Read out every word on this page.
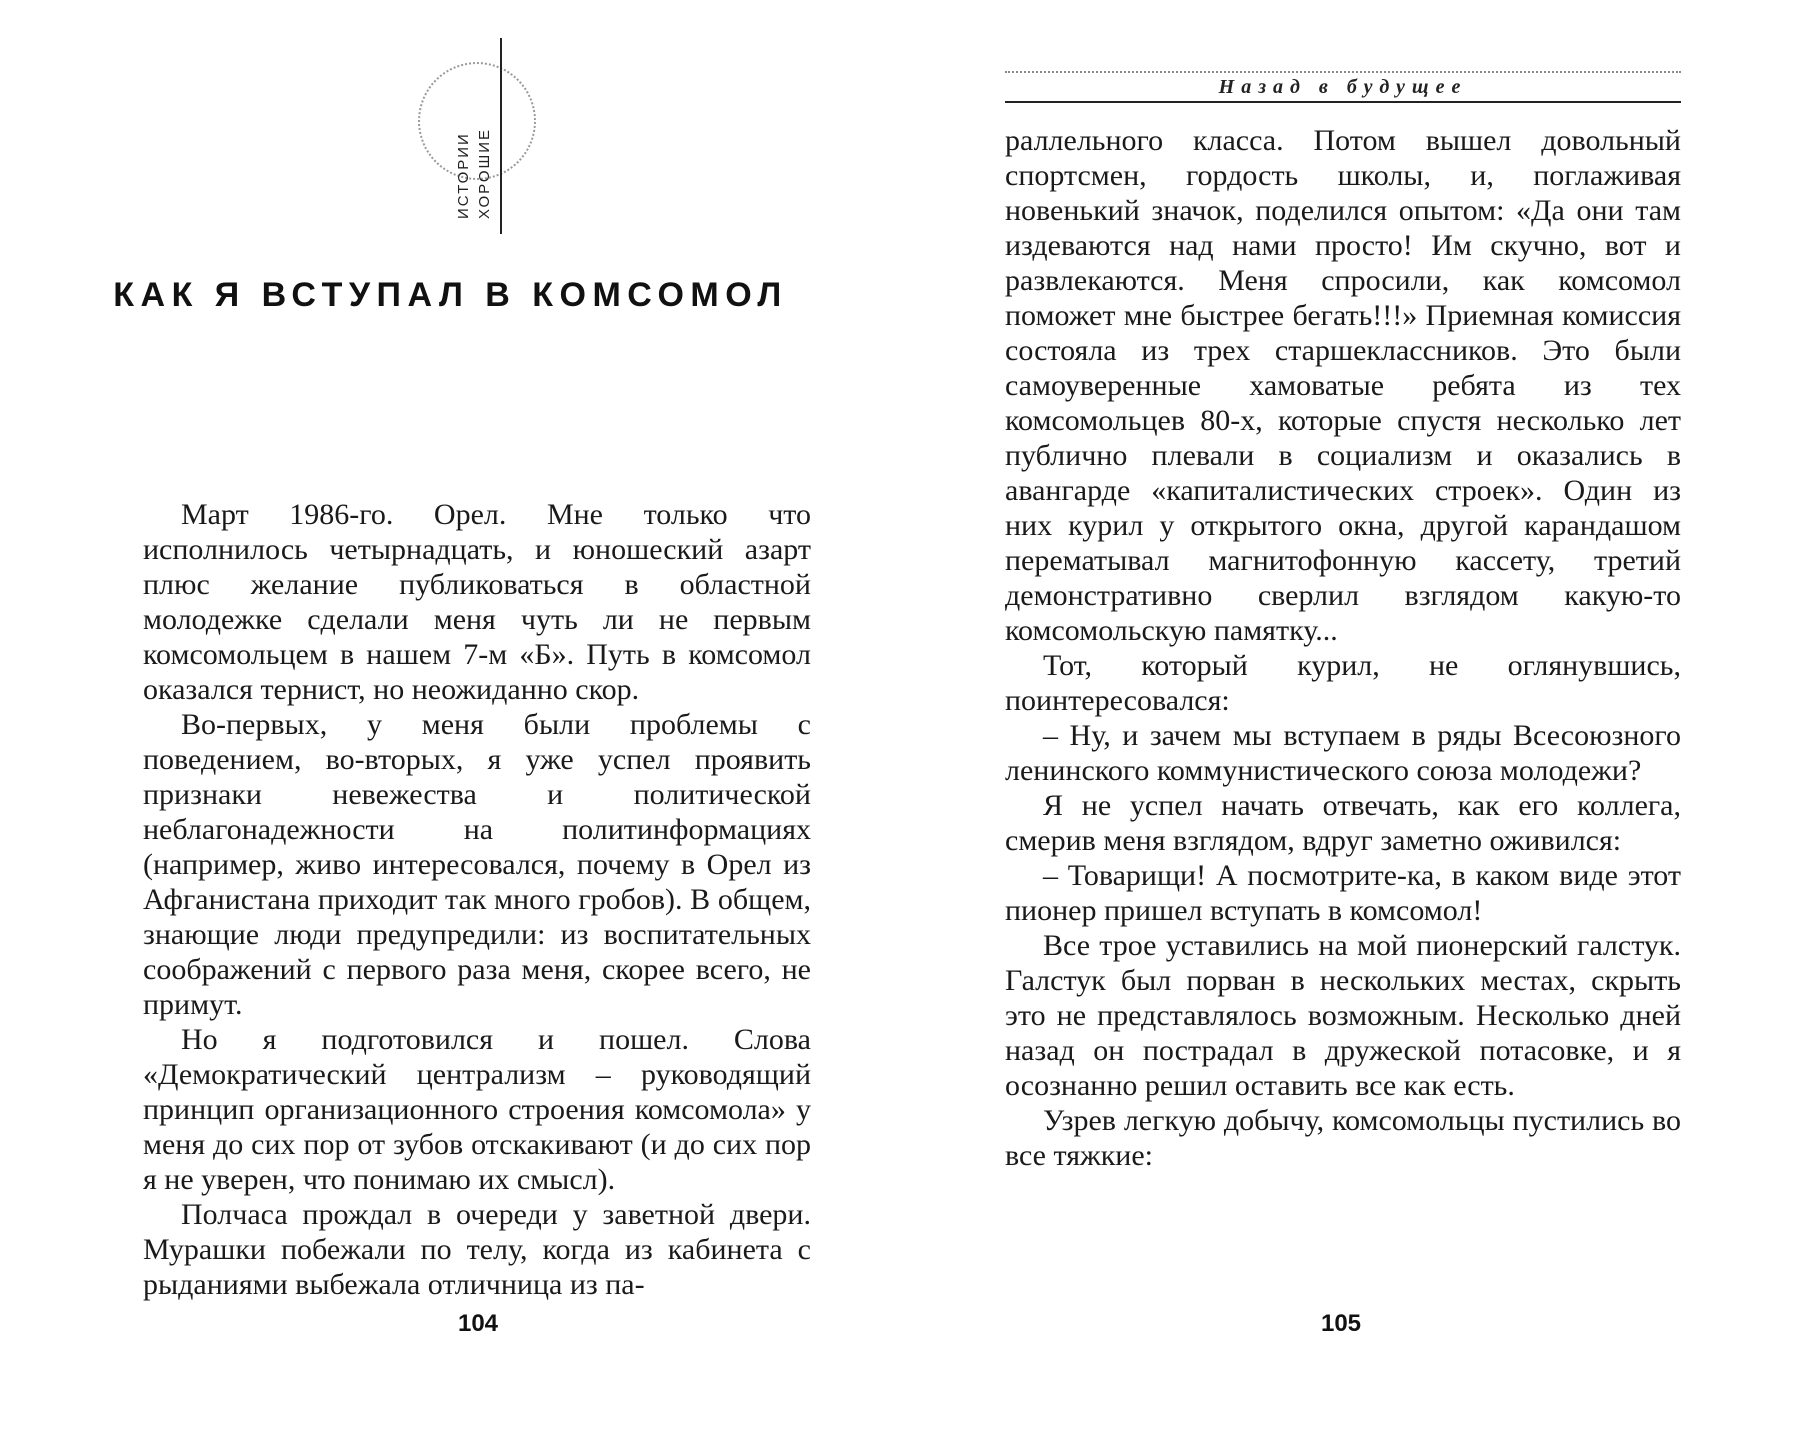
ХОРОШИЕ
ИСТОРИИ
КАК Я ВСТУПАЛ В КОМСОМОЛ

Март 1986-го. Орел. Мне только что исполнилось четырнадцать, и юношеский азарт плюс желание публиковаться в областной молодежке сделали меня чуть ли не первым комсомольцем в нашем 7-м «Б». Путь в комсомол оказался тернист, но неожиданно скор.

Во-первых, у меня были проблемы с поведением, во-вторых, я уже успел проявить признаки невежества и политической неблагонадежности на политинформациях (например, живо интересовался, почему в Орел из Афганистана приходит так много гробов). В общем, знающие люди предупредили: из воспитательных соображений с первого раза меня, скорее всего, не примут.

Но я подготовился и пошел. Слова «Демократический централизм – руководящий принцип организационного строения комсомола» у меня до сих пор от зубов отскакивают (и до сих пор я не уверен, что понимаю их смысл).

Полчаса прождал в очереди у заветной двери. Мурашки побежали по телу, когда из кабинета с рыданиями выбежала отличница из па-

104
Назад в будущее

раллельного класса. Потом вышел довольный спортсмен, гордость школы, и, поглаживая новенький значок, поделился опытом: «Да они там издеваются над нами просто! Им скучно, вот и развлекаются. Меня спросили, как комсомол поможет мне быстрее бегать!!!» Приемная комиссия состояла из трех старшеклассников. Это были самоуверенные хамоватые ребята из тех комсомольцев 80-х, которые спустя несколько лет публично плевали в социализм и оказались в авангарде «капиталистических строек». Один из них курил у открытого окна, другой карандашом перематывал магнитофонную кассету, третий демонстративно сверлил взглядом какую-то комсомольскую памятку...

Тот, который курил, не оглянувшись, поинтересовался:

– Ну, и зачем мы вступаем в ряды Всесоюзного ленинского коммунистического союза молодежи?

Я не успел начать отвечать, как его коллега, смерив меня взглядом, вдруг заметно оживился:

– Товарищи! А посмотрите-ка, в каком виде этот пионер пришел вступать в комсомол!

Все трое уставились на мой пионерский галстук. Галстук был порван в нескольких местах, скрыть это не представлялось возможным. Несколько дней назад он пострадал в дружеской потасовке, и я осознанно решил оставить все как есть.

Узрев легкую добычу, комсомольцы пустились во все тяжкие:

105
